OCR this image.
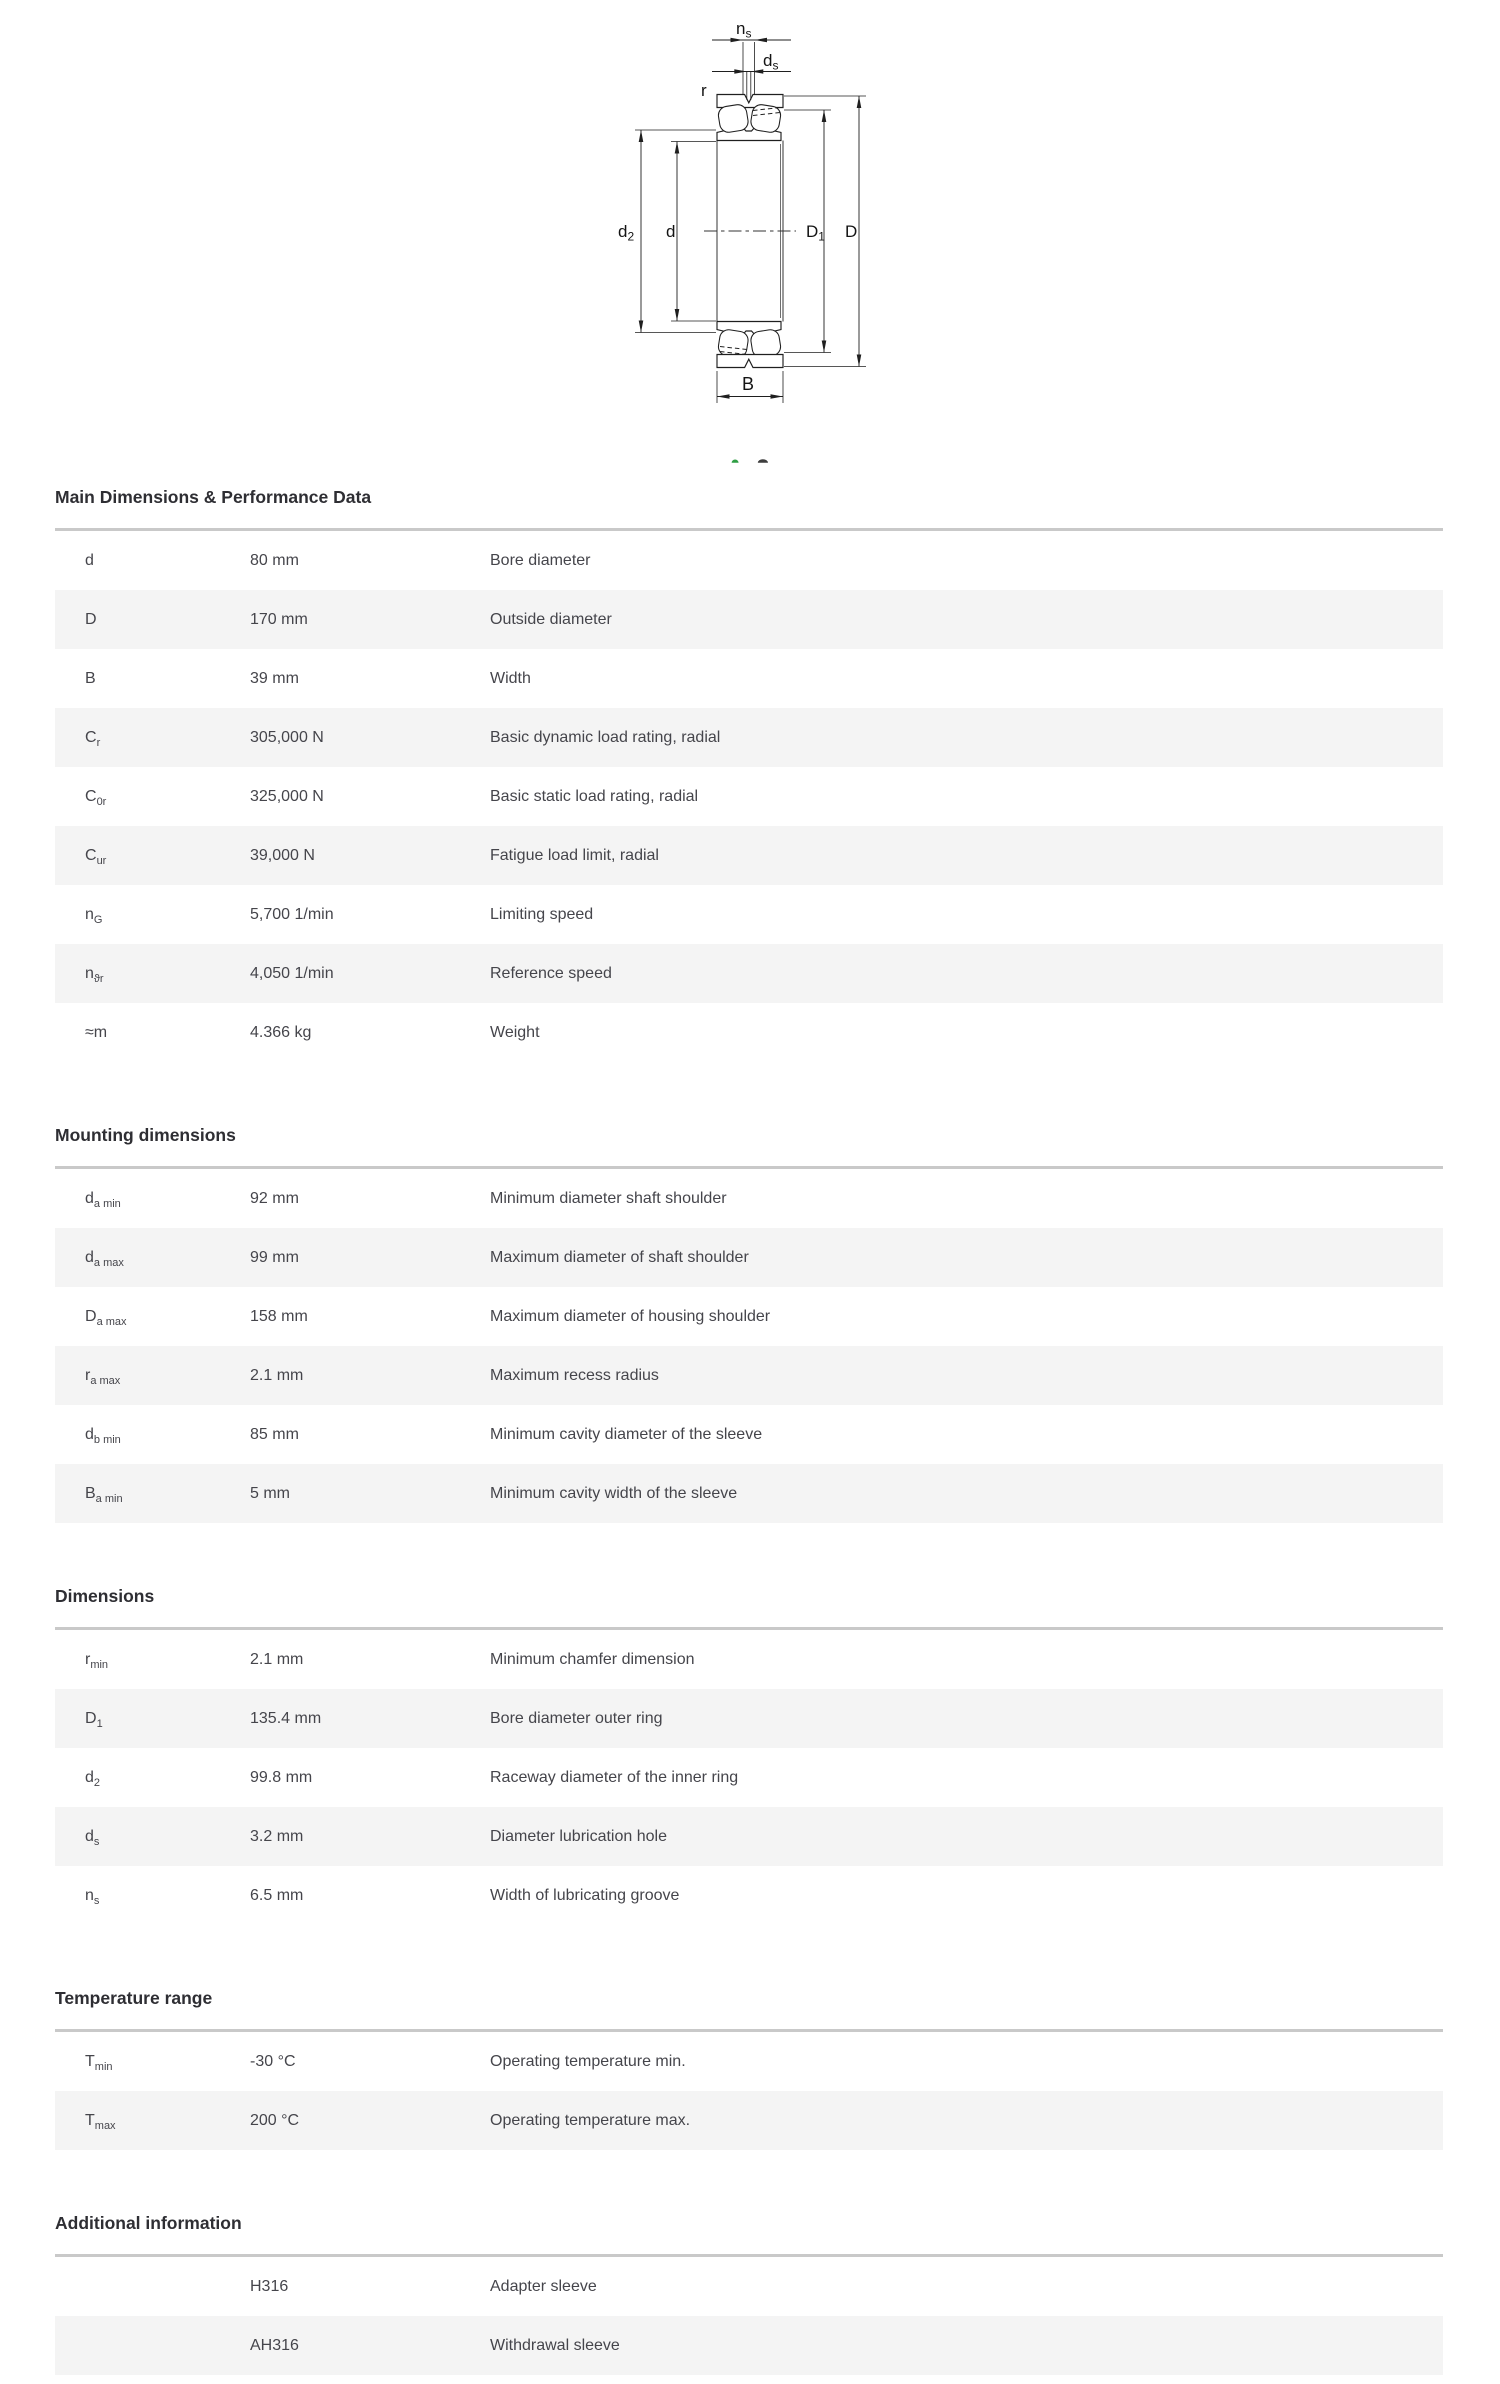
$n_s$
$d_s$
r
$d_2$ d	$D_1$ D
B
Main Dimensions & Performance Data
d	80 mm	Bore diameter
D	170 mm	Outside diameter
B	39 mm	Width
$C_r$	305,000 N	Basic dynamic load rating, radial
$C_{0r}$	325,000 N	Basic static load rating, radial
$C_{ur}$	39,000 N	Fatigue load limit, radial
$n_G$	5,700 1/min	Limiting speed
$n_{ϑr}$	4,050 1/min	Reference speed
≈m	4.366 kg	Weight
Mounting dimensions
$d_{a min}$	92 mm	Minimum diameter shaft shoulder
$d_{a max}$	99 mm	Maximum diameter of shaft shoulder
$D_{a max}$	158 mm	Maximum diameter of housing shoulder
$r_{a max}$	2.1 mm	Maximum recess radius
$d_{b min}$	85 mm	Minimum cavity diameter of the sleeve
$B_{a min}$	5 mm	Minimum cavity width of the sleeve
Dimensions
$r_{min}$	2.1 mm	Minimum chamfer dimension
$D_1$	135.4 mm	Bore diameter outer ring
$d_2$	99.8 mm	Raceway diameter of the inner ring
$d_s$	3.2 mm	Diameter lubrication hole
$n_s$	6.5 mm	Width of lubricating groove
Temperature range
$T_{min}$	-30 °C	Operating temperature min.
$T_{max}$	200 °C	Operating temperature max.
Additional information
H316	Adapter sleeve
AH316	Withdrawal sleeve
